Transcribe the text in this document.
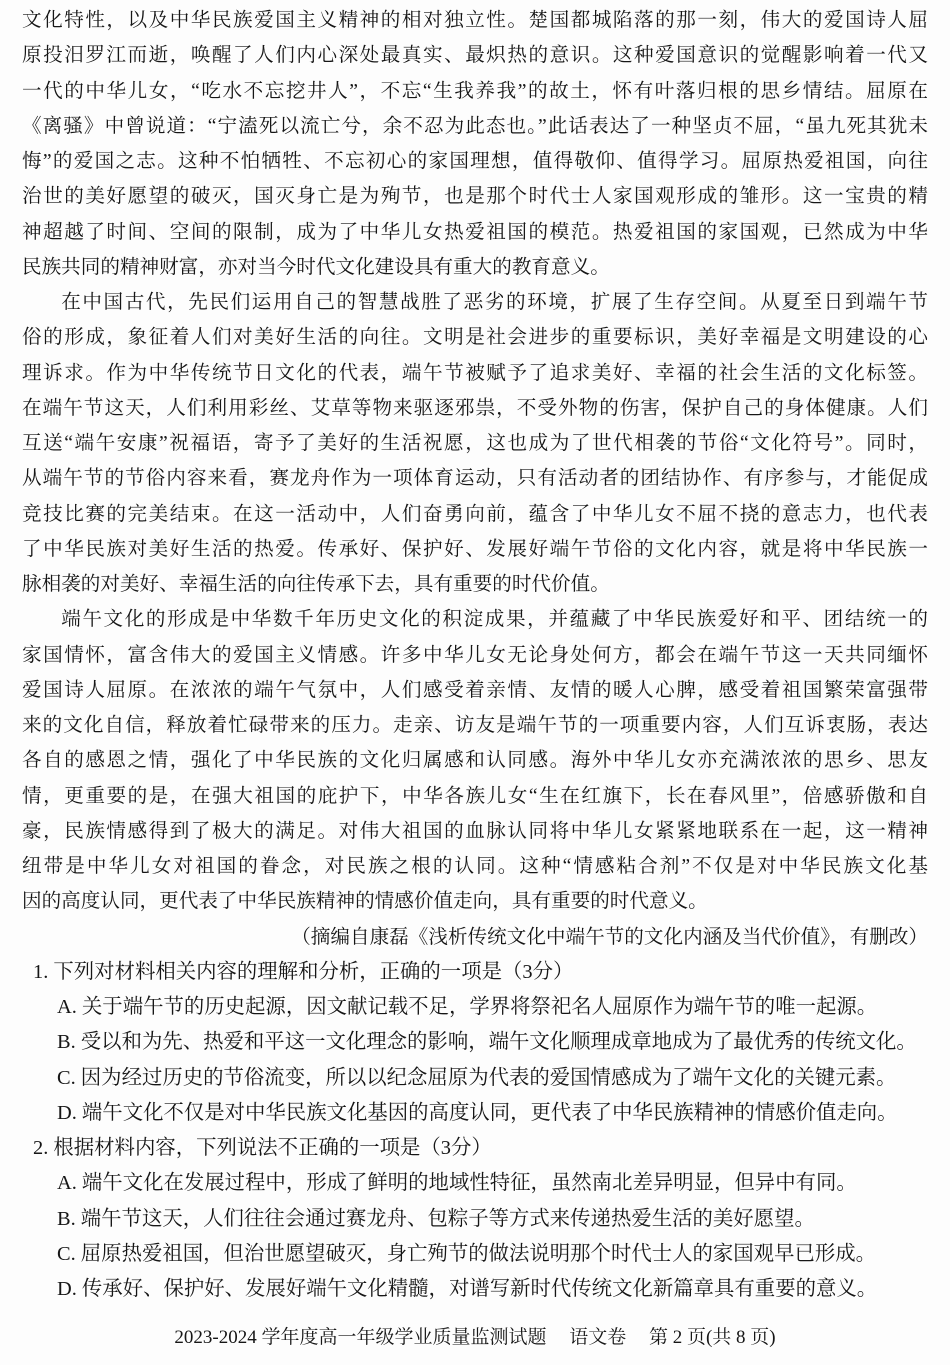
文化特性，以及中华民族爱国主义精神的相对独立性。楚国都城陷落的那一刻，伟大的爱国诗人屈
原投汨罗江而逝，唤醒了人们内心深处最真实、最炽热的意识。这种爱国意识的觉醒影响着一代又
一代的中华儿女，“吃水不忘挖井人”，不忘“生我养我”的故土，怀有叶落归根的思乡情结。屈原在
《离骚》中曾说道：“宁溘死以流亡兮，余不忍为此态也。”此话表达了一种坚贞不屈，“虽九死其犹未
悔”的爱国之志。这种不怕牺牲、不忘初心的家国理想，值得敬仰、值得学习。屈原热爱祖国，向往
治世的美好愿望的破灭，国灭身亡是为殉节，也是那个时代士人家国观形成的雏形。这一宝贵的精
神超越了时间、空间的限制，成为了中华儿女热爱祖国的模范。热爱祖国的家国观，已然成为中华
民族共同的精神财富，亦对当今时代文化建设具有重大的教育意义。
在中国古代，先民们运用自己的智慧战胜了恶劣的环境，扩展了生存空间。从夏至日到端午节
俗的形成，象征着人们对美好生活的向往。文明是社会进步的重要标识，美好幸福是文明建设的心
理诉求。作为中华传统节日文化的代表，端午节被赋予了追求美好、幸福的社会生活的文化标签。
在端午节这天，人们利用彩丝、艾草等物来驱逐邪祟，不受外物的伤害，保护自己的身体健康。人们
互送“端午安康”祝福语，寄予了美好的生活祝愿，这也成为了世代相袭的节俗“文化符号”。同时，
从端午节的节俗内容来看，赛龙舟作为一项体育运动，只有活动者的团结协作、有序参与，才能促成
竞技比赛的完美结束。在这一活动中，人们奋勇向前，蕴含了中华儿女不屈不挠的意志力，也代表
了中华民族对美好生活的热爱。传承好、保护好、发展好端午节俗的文化内容，就是将中华民族一
脉相袭的对美好、幸福生活的向往传承下去，具有重要的时代价值。
端午文化的形成是中华数千年历史文化的积淀成果，并蕴藏了中华民族爱好和平、团结统一的
家国情怀，富含伟大的爱国主义情感。许多中华儿女无论身处何方，都会在端午节这一天共同缅怀
爱国诗人屈原。在浓浓的端午气氛中，人们感受着亲情、友情的暖人心脾，感受着祖国繁荣富强带
来的文化自信，释放着忙碌带来的压力。走亲、访友是端午节的一项重要内容，人们互诉衷肠，表达
各自的感恩之情，强化了中华民族的文化归属感和认同感。海外中华儿女亦充满浓浓的思乡、思友
情，更重要的是，在强大祖国的庇护下，中华各族儿女“生在红旗下，长在春风里”，倍感骄傲和自
豪，民族情感得到了极大的满足。对伟大祖国的血脉认同将中华儿女紧紧地联系在一起，这一精神
纽带是中华儿女对祖国的眷念，对民族之根的认同。这种“情感粘合剂”不仅是对中华民族文化基
因的高度认同，更代表了中华民族精神的情感价值走向，具有重要的时代意义。
（摘编自康磊《浅析传统文化中端午节的文化内涵及当代价值》，有删改）
1. 下列对材料相关内容的理解和分析，正确的一项是（3分）
A. 关于端午节的历史起源，因文献记载不足，学界将祭祀名人屈原作为端午节的唯一起源。
B. 受以和为先、热爱和平这一文化理念的影响，端午文化顺理成章地成为了最优秀的传统文化。
C. 因为经过历史的节俗流变，所以以纪念屈原为代表的爱国情感成为了端午文化的关键元素。
D. 端午文化不仅是对中华民族文化基因的高度认同，更代表了中华民族精神的情感价值走向。
2. 根据材料内容，下列说法不正确的一项是（3分）
A. 端午文化在发展过程中，形成了鲜明的地域性特征，虽然南北差异明显，但异中有同。
B. 端午节这天，人们往往会通过赛龙舟、包粽子等方式来传递热爱生活的美好愿望。
C. 屈原热爱祖国，但治世愿望破灭，身亡殉节的做法说明那个时代士人的家国观早已形成。
D. 传承好、保护好、发展好端午文化精髓，对谱写新时代传统文化新篇章具有重要的意义。
2023-2024 学年度高一年级学业质量监测试题 语文卷 第 2 页(共 8 页)
